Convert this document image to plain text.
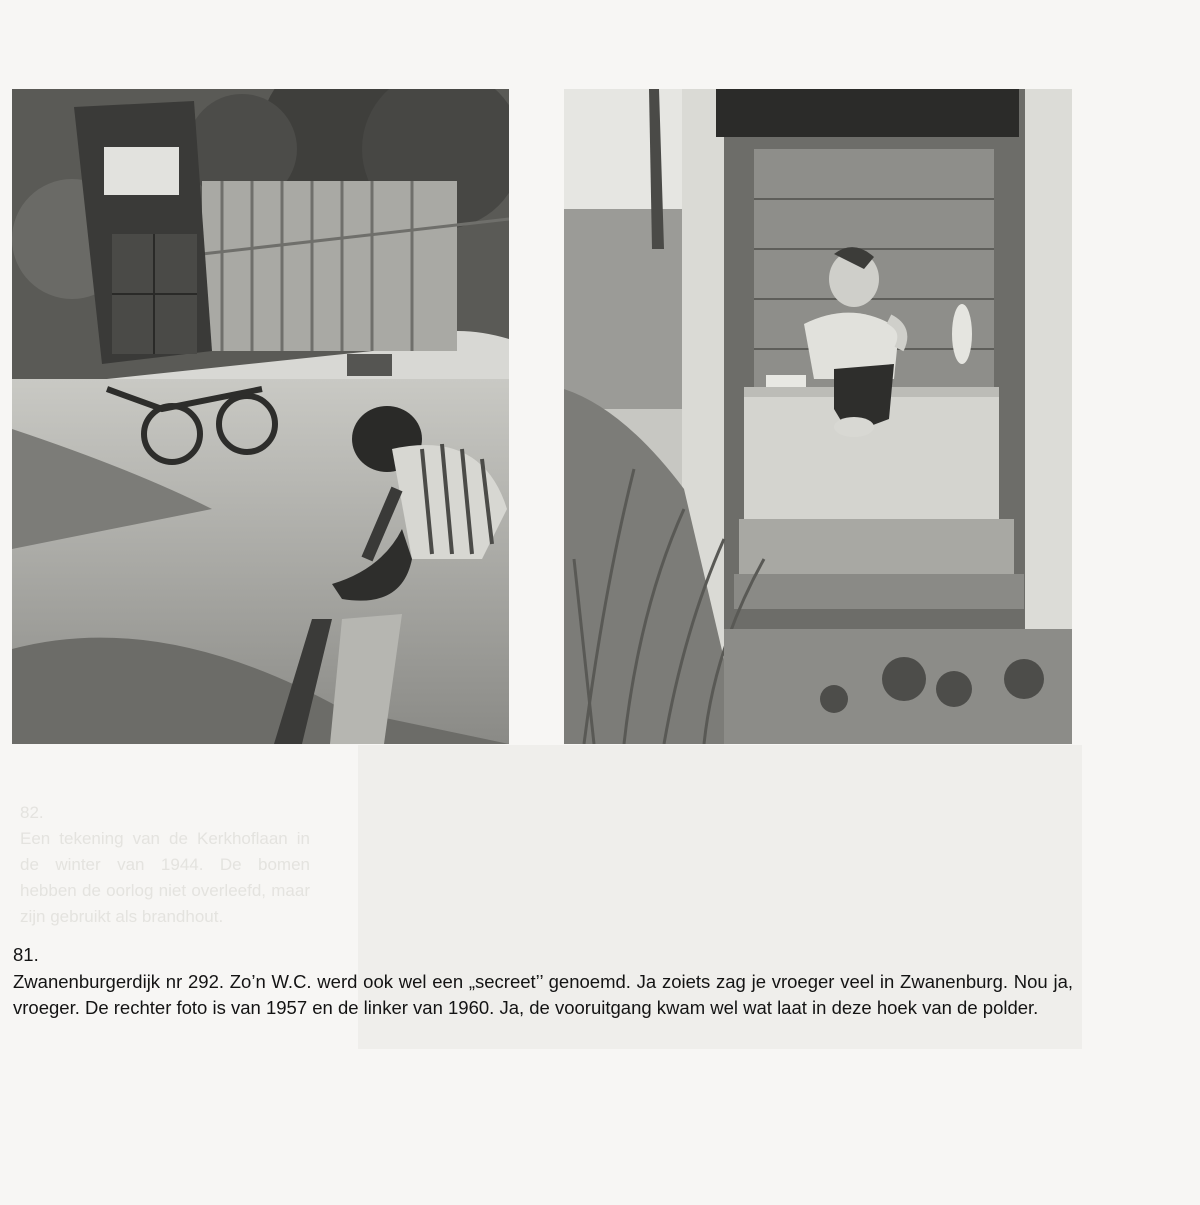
82.

Een tekening van de Kerkhoflaan in de winter van 1944. De bomen hebben de oorlog niet overleefd, maar zijn gebruikt als brandhout.

81.
Zwanenburgerdijk nr 292. Zo’n W.C. werd ook wel een „secreet’’ genoemd. Ja zoiets zag je vroeger veel in Zwanenburg. Nou ja, vroeger. De rechter foto is van 1957 en de linker van 1960. Ja, de vooruitgang kwam wel wat laat in deze hoek van de polder.
